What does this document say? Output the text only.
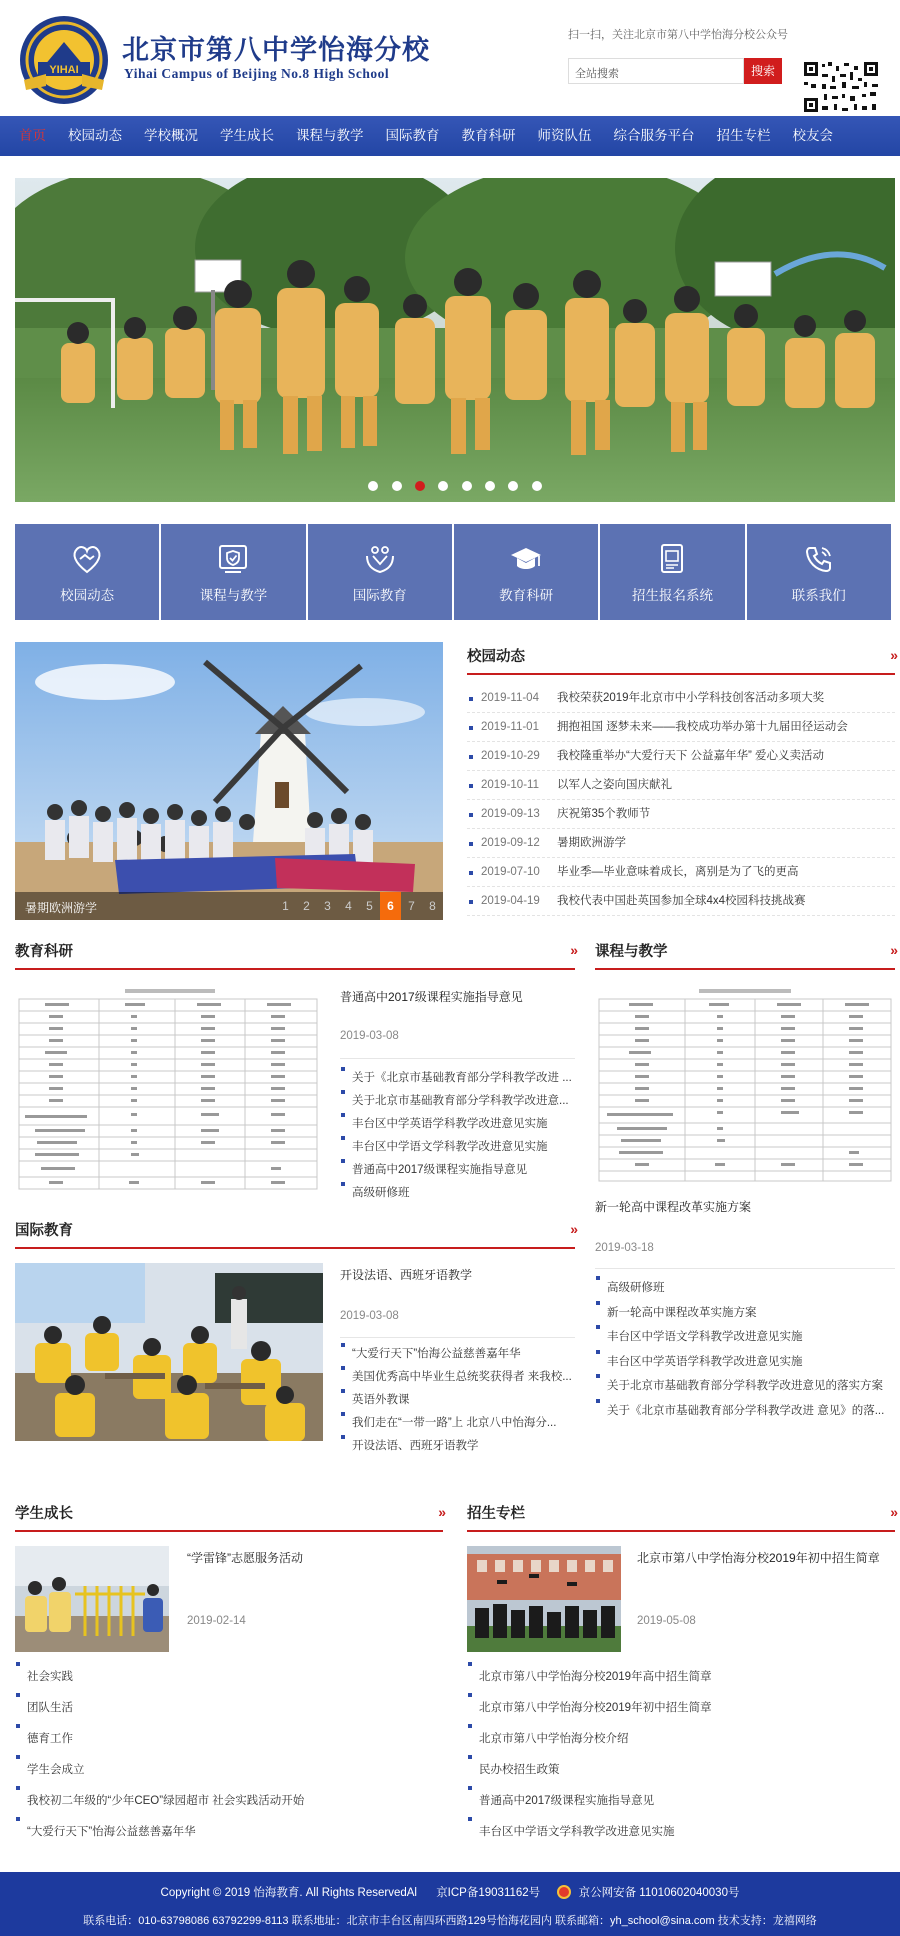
YIHAI
北京市第八中学怡海分校
Yihai Campus of Beijing No.8 High School
扫一扫，关注北京市第八中学怡海分校公众号
全站搜索	搜索
首页	校园动态	学校概况	学生成长	课程与教学	国际教育	教育科研	师资队伍	综合服务平台	招生专栏	校友会

校园动态	课程与教学	国际教育	教育科研	招生报名系统	联系我们
暑期欧洲游学	1	2	3	4	5	6	7	8
校园动态	»
2019-11-04 我校荣获2019年北京市中小学科技创客活动多项大奖
2019-11-01 拥抱祖国 逐梦未来——我校成功举办第十九届田径运动会
2019-10-29 我校隆重举办“大爱行天下 公益嘉年华” 爱心义卖活动
2019-10-11 以军人之姿向国庆献礼
2019-09-13 庆祝第35个教师节
2019-09-12 暑期欧洲游学
2019-07-10 毕业季—毕业意味着成长，离别是为了飞的更高
2019-04-19 我校代表中国赴英国参加全球4x4校园科技挑战赛
教育科研	»
普通高中2017级课程实施指导意见
2019-03-08
关于《北京市基础教育部分学科教学改进 ...
关于北京市基础教育部分学科教学改进意...
丰台区中学英语学科教学改进意见实施
丰台区中学语文学科教学改进意见实施
普通高中2017级课程实施指导意见
高级研修班
课程与教学	»
新一轮高中课程改革实施方案
2019-03-18
高级研修班
新一轮高中课程改革实施方案
丰台区中学语文学科教学改进意见实施
丰台区中学英语学科教学改进意见实施
关于北京市基础教育部分学科教学改进意见的落实方案
关于《北京市基础教育部分学科教学改进 意见》的落...
国际教育	»
开设法语、西班牙语教学
2019-03-08
“大爱行天下”怡海公益慈善嘉年华
美国优秀高中毕业生总统奖获得者 来我校...
英语外教课
我们走在“一带一路”上 北京八中怡海分...
开设法语、西班牙语教学
学生成长	»
“学雷锋”志愿服务活动
2019-02-14
社会实践
团队生活
德育工作
学生会成立
我校初二年级的“少年CEO”绿园超市 社会实践活动开始
“大爱行天下”怡海公益慈善嘉年华
招生专栏	»
北京市第八中学怡海分校2019年初中招生简章
2019-05-08
北京市第八中学怡海分校2019年高中招生简章
北京市第八中学怡海分校2019年初中招生简章
北京市第八中学怡海分校介绍
民办校招生政策
普通高中2017级课程实施指导意见
丰台区中学语文学科教学改进意见实施
Copyright © 2019 怡海教育. All Rights ReservedAl 京ICP备19031162号	京公网安备 11010602040030号
联系电话：010-63798086 63792299-8113 联系地址：北京市丰台区南四环西路129号怡海花园内 联系邮箱：yh_school@sina.com 技术支持：龙禧网络
